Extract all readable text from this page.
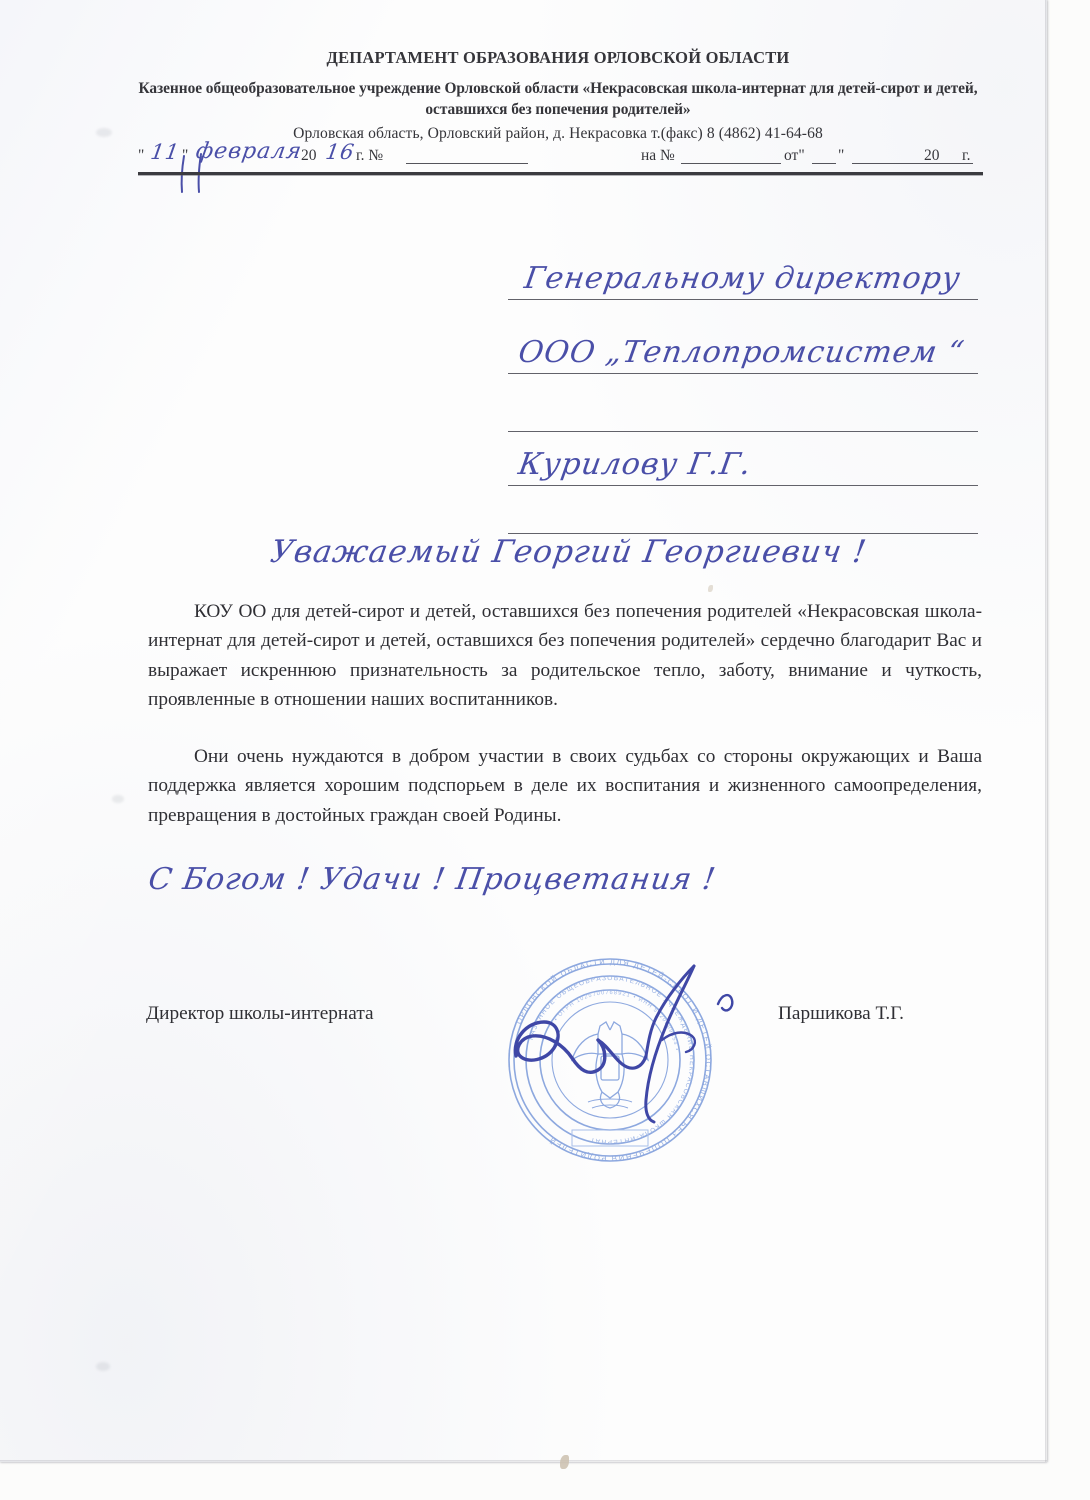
ДЕПАРТАМЕНТ ОБРАЗОВАНИЯ ОРЛОВСКОЙ ОБЛАСТИ
Казенное общеобразовательное учреждение Орловской области «Некрасовская школа-интернат для детей-сирот и детей, оставшихся без попечения родителей»
Орловская область, Орловский район, д. Некрасовка т.(факс) 8 (4862) 41-64-68
" 11 " февраля
20 16 г. №	на №	от" "	20 г.
Генеральному директору
ООО „Теплопромсистем “
Курилову Г.Г.
Уважаемый Георгий Георгиевич !

КОУ ОО для детей-сирот и детей, оставшихся без попечения родителей «Некрасовская школа-интернат для детей-сирот и детей, оставшихся без попечения родителей» сердечно благодарит Вас и выражает искреннюю признательность за родительское тепло, заботу, внимание и чуткость, проявленные в отношении наших воспитанников.

Они очень нуждаются в добром участии в своих судьбах со стороны окружающих и Ваша поддержка является хорошим подспорьем в деле их воспитания и жизненного самоопределения, превращения в достойных граждан своей Родины.

С Богом ! Удачи ! Процветания !
ОРЛОВСКОЙ ОБЛАСТИ ДЛЯ ДЕТЕЙ-СИРОТ И ДЕТЕЙ ОСТАВШИХСЯ БЕЗ ПОПЕЧЕНИЯ РОДИТЕЛЕЙ
КАЗЕННОЕ ОБЩЕОБРАЗОВАТЕЛЬНОЕ УЧРЕЖДЕНИЕ НЕКРАСОВСКАЯ ШКОЛА-ИНТЕРНАТ
• ОГРН 1025700768921 • ИНН 5720009654 •
Директор школы-интерната	Паршикова Т.Г.
